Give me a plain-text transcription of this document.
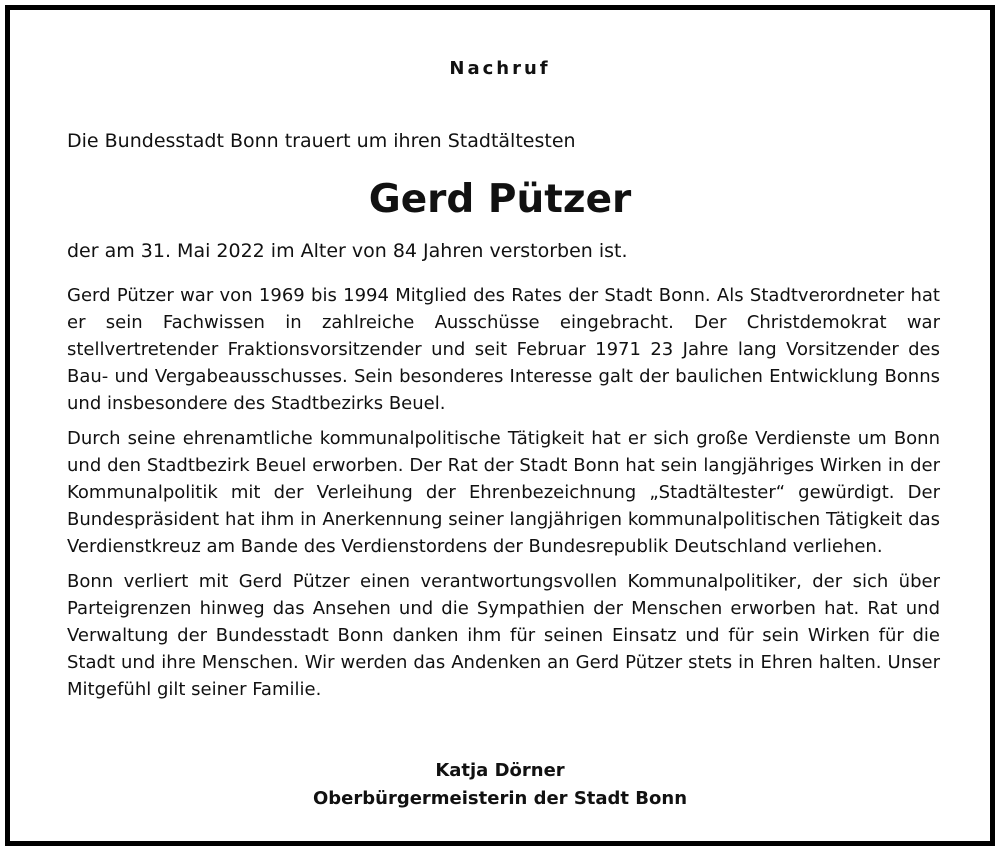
Nachruf
Die Bundesstadt Bonn trauert um ihren Stadtältesten
Gerd Pützer
der am 31. Mai 2022 im Alter von 84 Jahren verstorben ist.

Gerd Pützer war von 1969 bis 1994 Mitglied des Rates der Stadt Bonn. Als Stadtverordneter hat er sein Fachwissen in zahlreiche Ausschüsse eingebracht. Der Christdemokrat war stellvertretender Fraktionsvorsitzender und seit Februar 1971 23 Jahre lang Vorsitzender des Bau- und Vergabeausschusses. Sein besonderes Interesse galt der baulichen Entwicklung Bonns und insbesondere des Stadtbezirks Beuel.

Durch seine ehrenamtliche kommunalpolitische Tätigkeit hat er sich große Verdienste um Bonn und den Stadtbezirk Beuel erworben. Der Rat der Stadt Bonn hat sein langjähriges Wirken in der Kommunalpolitik mit der Verleihung der Ehrenbezeichnung „Stadtältester“ gewürdigt. Der Bundespräsident hat ihm in Anerkennung seiner langjährigen kommunalpolitischen Tätigkeit das Verdienstkreuz am Bande des Verdienstordens der Bundesrepublik Deutschland verliehen.

Bonn verliert mit Gerd Pützer einen verantwortungsvollen Kommunalpolitiker, der sich über Parteigrenzen hinweg das Ansehen und die Sympathien der Menschen erworben hat. Rat und Verwaltung der Bundesstadt Bonn danken ihm für seinen Einsatz und für sein Wirken für die Stadt und ihre Menschen. Wir werden das Andenken an Gerd Pützer stets in Ehren halten. Unser Mitgefühl gilt seiner Familie.

Katja Dörner
Oberbürgermeisterin der Stadt Bonn
